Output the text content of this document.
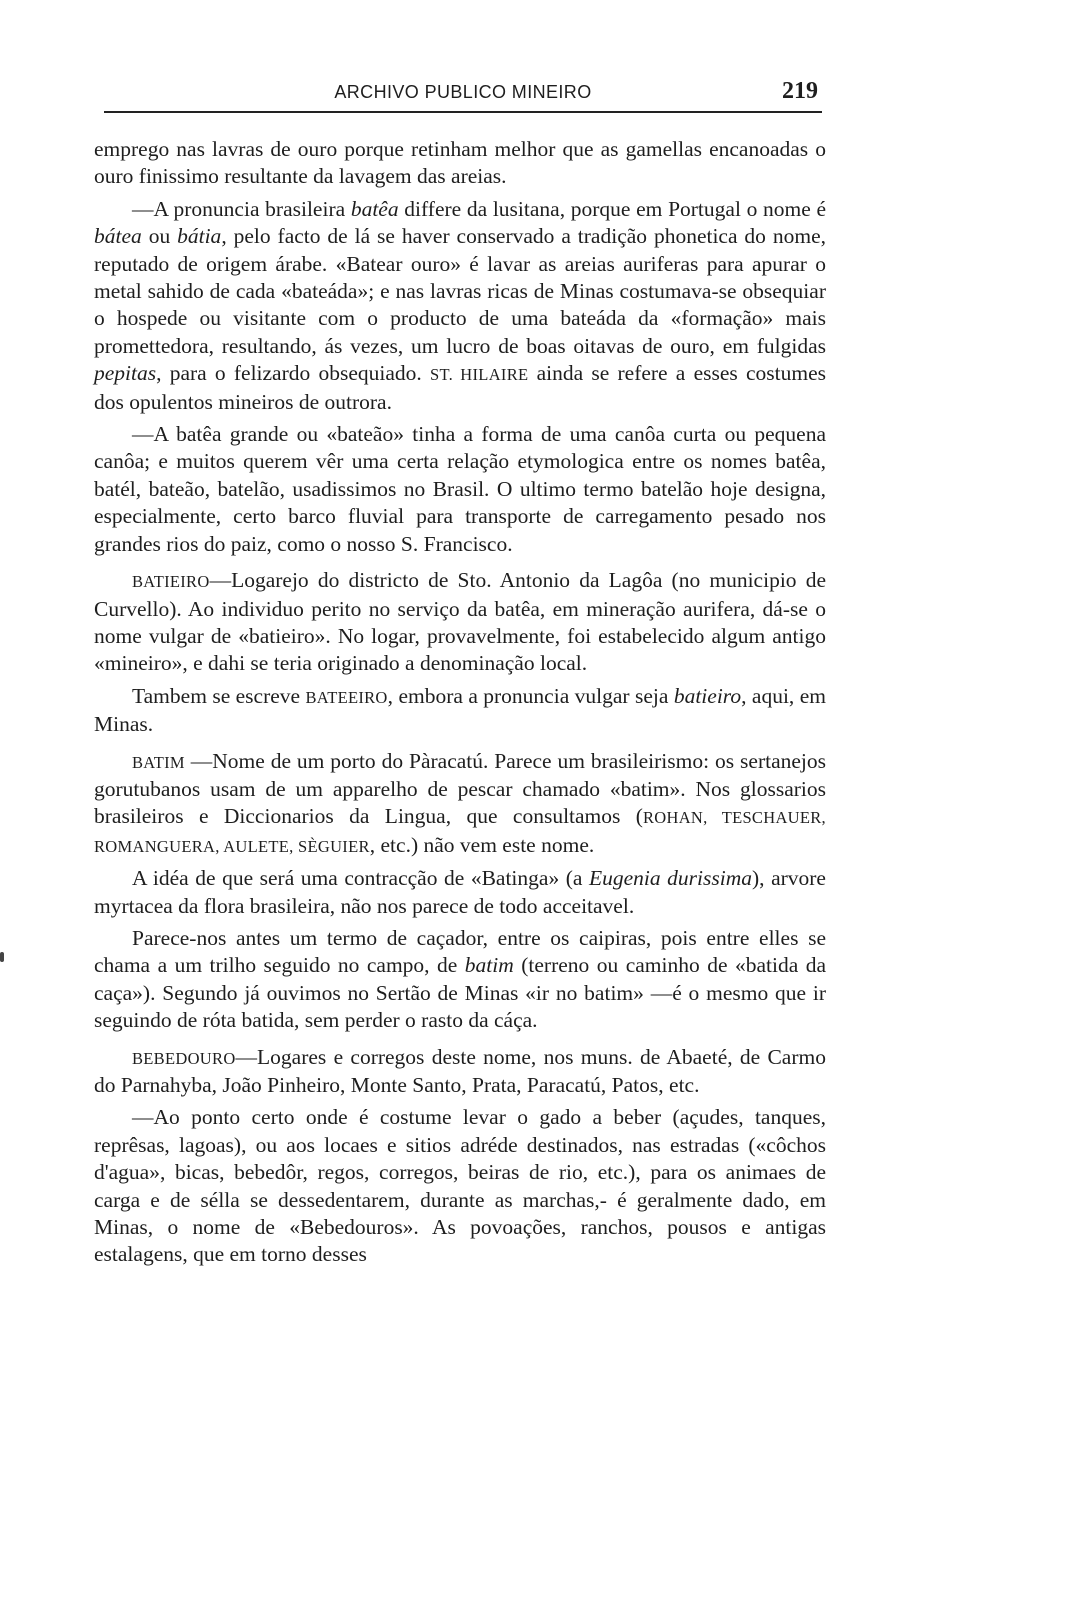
ARCHIVO PUBLICO MINEIRO	219

emprego nas lavras de ouro porque retinham melhor que as gamellas encanoadas o ouro finissimo resultante da lavagem das areias.

—A pronuncia brasileira batêa differe da lusitana, porque em Portugal o nome é bátea ou bátia, pelo facto de lá se haver conservado a tradição phonetica do nome, reputado de origem árabe. «Batear ouro» é lavar as areias auriferas para apurar o metal sahido de cada «bateáda»; e nas lavras ricas de Minas costumava-se obsequiar o hospede ou visitante com o producto de uma bateáda da «formação» mais promettedora, resultando, ás vezes, um lucro de boas oitavas de ouro, em fulgidas pepitas, para o felizardo obsequiado. ST. HILAIRE ainda se refere a esses costumes dos opulentos mineiros de outrora.

—A batêa grande ou «bateão» tinha a forma de uma canôa curta ou pequena canôa; e muitos querem vêr uma certa relação etymologica entre os nomes batêa, batél, bateão, batelão, usadissimos no Brasil. O ultimo termo batelão hoje designa, especialmente, certo barco fluvial para transporte de carregamento pesado nos grandes rios do paiz, como o nosso S. Francisco.

BATIEIRO—Logarejo do districto de Sto. Antonio da Lagôa (no municipio de Curvello). Ao individuo perito no serviço da batêa, em mineração aurifera, dá-se o nome vulgar de «batieiro». No logar, provavelmente, foi estabelecido algum antigo «mineiro», e dahi se teria originado a denominação local.

Tambem se escreve BATEEIRO, embora a pronuncia vulgar seja batieiro, aqui, em Minas.

BATIM —Nome de um porto do Pàracatú. Parece um brasileirismo: os sertanejos gorutubanos usam de um apparelho de pescar chamado «batim». Nos glossarios brasileiros e Diccionarios da Lingua, que consultamos (ROHAN, TESCHAUER, ROMANGUERA, AULETE, SÈGUIER, etc.) não vem este nome.

A idéa de que será uma contracção de «Batinga» (a Eugenia durissima), arvore myrtacea da flora brasileira, não nos parece de todo acceitavel.

Parece-nos antes um termo de caçador, entre os caipiras, pois entre elles se chama a um trilho seguido no campo, de batim (terreno ou caminho de «batida da caça»). Segundo já ouvimos no Sertão de Minas «ir no batim» —é o mesmo que ir seguindo de róta batida, sem perder o rasto da cáça.

BEBEDOURO—Logares e corregos deste nome, nos muns. de Abaeté, de Carmo do Parnahyba, João Pinheiro, Monte Santo, Prata, Paracatú, Patos, etc.

—Ao ponto certo onde é costume levar o gado a beber (açudes, tanques, reprêsas, lagoas), ou aos locaes e sitios adréde destinados, nas estradas («côchos d'agua», bicas, bebedôr, regos, corregos, beiras de rio, etc.), para os animaes de carga e de sélla se dessedentarem, durante as marchas,- é geralmente dado, em Minas, o nome de «Bebedouros». As povoações, ranchos, pousos e antigas estalagens, que em torno desses
